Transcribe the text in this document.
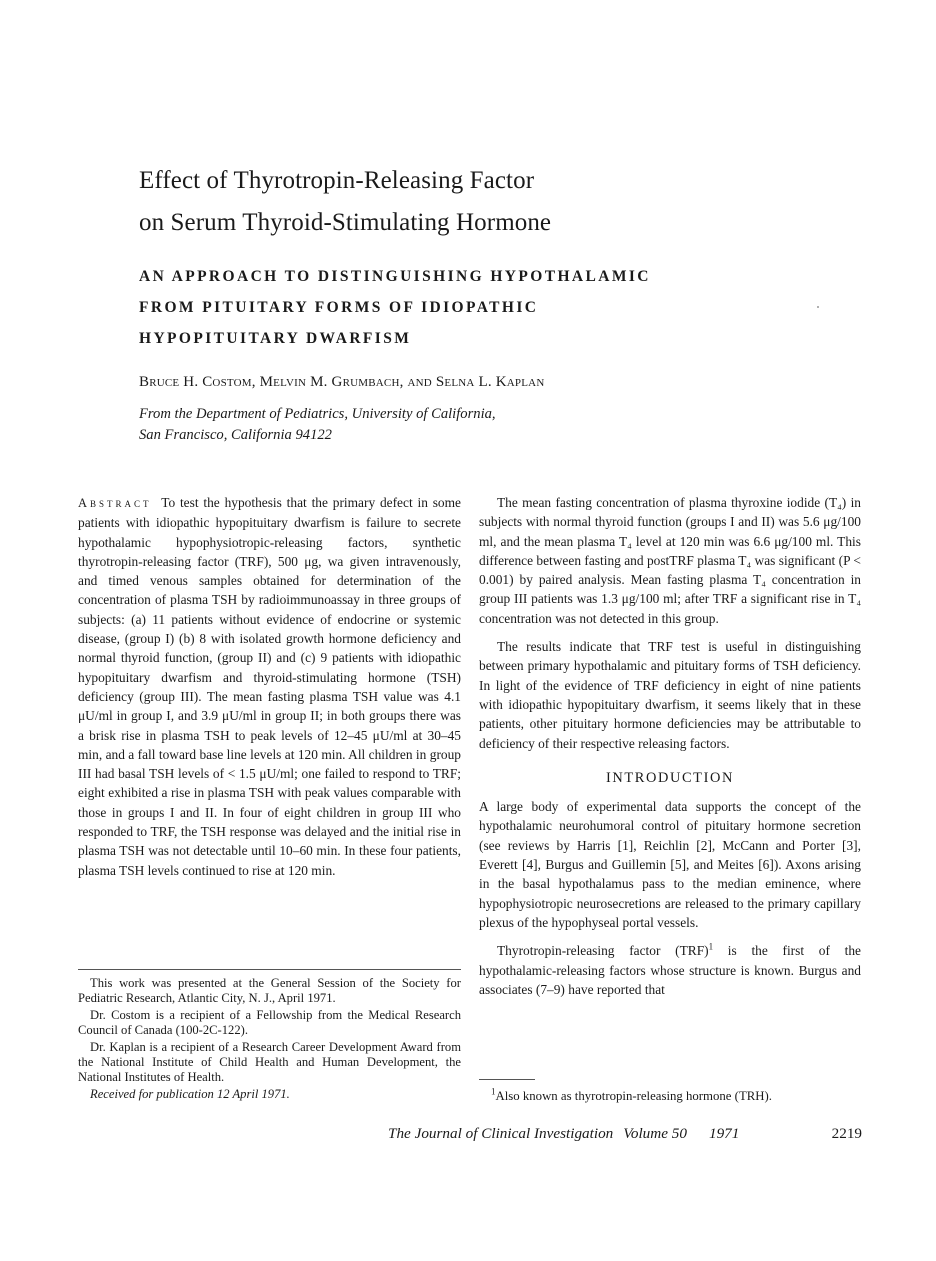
Effect of Thyrotropin-Releasing Factor
on Serum Thyroid-Stimulating Hormone
AN APPROACH TO DISTINGUISHING HYPOTHALAMIC
FROM PITUITARY FORMS OF IDIOPATHIC
HYPOPITUITARY DWARFISM
Bruce H. Costom, Melvin M. Grumbach, and Selna L. Kaplan
From the Department of Pediatrics, University of California,
San Francisco, California 94122

Abstract To test the hypothesis that the primary defect in some patients with idiopathic hypopituitary dwarfism is failure to secrete hypothalamic hypophysiotropic-releasing factors, synthetic thyrotropin-releasing factor (TRF), 500 μg, wa given intravenously, and timed venous samples obtained for determination of the concentration of plasma TSH by radioimmunoassay in three groups of subjects: (a) 11 patients without evidence of endocrine or systemic disease, (group I) (b) 8 with isolated growth hormone deficiency and normal thyroid function, (group II) and (c) 9 patients with idiopathic hypopituitary dwarfism and thyroid-stimulating hormone (TSH) deficiency (group III). The mean fasting plasma TSH value was 4.1 μU/ml in group I, and 3.9 μU/ml in group II; in both groups there was a brisk rise in plasma TSH to peak levels of 12–45 μU/ml at 30–45 min, and a fall toward base line levels at 120 min. All children in group III had basal TSH levels of < 1.5 μU/ml; one failed to respond to TRF; eight exhibited a rise in plasma TSH with peak values comparable with those in groups I and II. In four of eight children in group III who responded to TRF, the TSH response was delayed and the initial rise in plasma TSH was not detectable until 10–60 min. In these four patients, plasma TSH levels continued to rise at 120 min.

This work was presented at the General Session of the Society for Pediatric Research, Atlantic City, N. J., April 1971.

Dr. Costom is a recipient of a Fellowship from the Medical Research Council of Canada (100-2C-122).

Dr. Kaplan is a recipient of a Research Career Development Award from the National Institute of Child Health and Human Development, the National Institutes of Health.

Received for publication 12 April 1971.

The mean fasting concentration of plasma thyroxine iodide (T₄) in subjects with normal thyroid function (groups I and II) was 5.6 μg/100 ml, and the mean plasma T₄ level at 120 min was 6.6 μg/100 ml. This difference between fasting and postTRF plasma T₄ was significant (P < 0.001) by paired analysis. Mean fasting plasma T₄ concentration in group III patients was 1.3 μg/100 ml; after TRF a significant rise in T₄ concentration was not detected in this group.

The results indicate that TRF test is useful in distinguishing between primary hypothalamic and pituitary forms of TSH deficiency. In light of the evidence of TRF deficiency in eight of nine patients with idiopathic hypopituitary dwarfism, it seems likely that in these patients, other pituitary hormone deficiencies may be attributable to deficiency of their respective releasing factors.

INTRODUCTION

A large body of experimental data supports the concept of the hypothalamic neurohumoral control of pituitary hormone secretion (see reviews by Harris [1], Reichlin [2], McCann and Porter [3], Everett [4], Burgus and Guillemin [5], and Meites [6]). Axons arising in the basal hypothalamus pass to the median eminence, where hypophysiotropic neurosecretions are released to the primary capillary plexus of the hypophyseal portal vessels.

Thyrotropin-releasing factor (TRF)$^1$ is the first of the hypothalamic-releasing factors whose structure is known. Burgus and associates (7–9) have reported that

$^1$Also known as thyrotropin-releasing hormone (TRH).
The Journal of Clinical Investigation Volume 50 1971	2219
